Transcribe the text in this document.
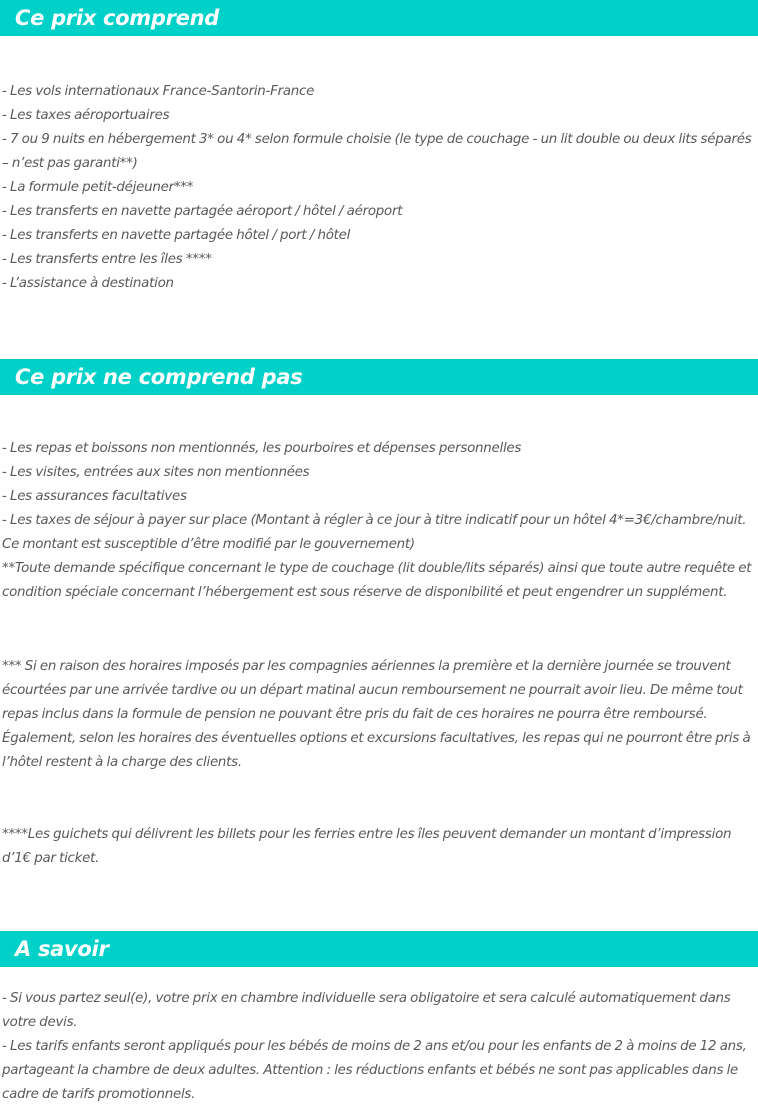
Ce prix comprend

- Les vols internationaux France-Santorin-France

- Les taxes aéroportuaires

- 7 ou 9 nuits en hébergement 3* ou 4* selon formule choisie (le type de couchage - un lit double ou deux lits séparés – n’est pas garanti**)

- La formule petit-déjeuner***

- Les transferts en navette partagée aéroport / hôtel / aéroport

- Les transferts en navette partagée hôtel / port / hôtel

- Les transferts entre les îles ****

- L’assistance à destination

Ce prix ne comprend pas

- Les repas et boissons non mentionnés, les pourboires et dépenses personnelles

- Les visites, entrées aux sites non mentionnées

- Les assurances facultatives

- Les taxes de séjour à payer sur place (Montant à régler à ce jour à titre indicatif pour un hôtel 4*=3€/chambre/nuit. Ce montant est susceptible d’être modifié par le gouvernement)

**Toute demande spécifique concernant le type de couchage (lit double/lits séparés) ainsi que toute autre requête et condition spéciale concernant l’hébergement est sous réserve de disponibilité et peut engendrer un supplément.

*** Si en raison des horaires imposés par les compagnies aériennes la première et la dernière journée se trouvent écourtées par une arrivée tardive ou un départ matinal aucun remboursement ne pourrait avoir lieu. De même tout repas inclus dans la formule de pension ne pouvant être pris du fait de ces horaires ne pourra être remboursé. Également, selon les horaires des éventuelles options et excursions facultatives, les repas qui ne pourront être pris à l’hôtel restent à la charge des clients.

****Les guichets qui délivrent les billets pour les ferries entre les îles peuvent demander un montant d’impression d’1€ par ticket.

A savoir

- Si vous partez seul(e), votre prix en chambre individuelle sera obligatoire et sera calculé automatiquement dans votre devis.

- Les tarifs enfants seront appliqués pour les bébés de moins de 2 ans et/ou pour les enfants de 2 à moins de 12 ans, partageant la chambre de deux adultes. Attention : les réductions enfants et bébés ne sont pas applicables dans le cadre de tarifs promotionnels.
